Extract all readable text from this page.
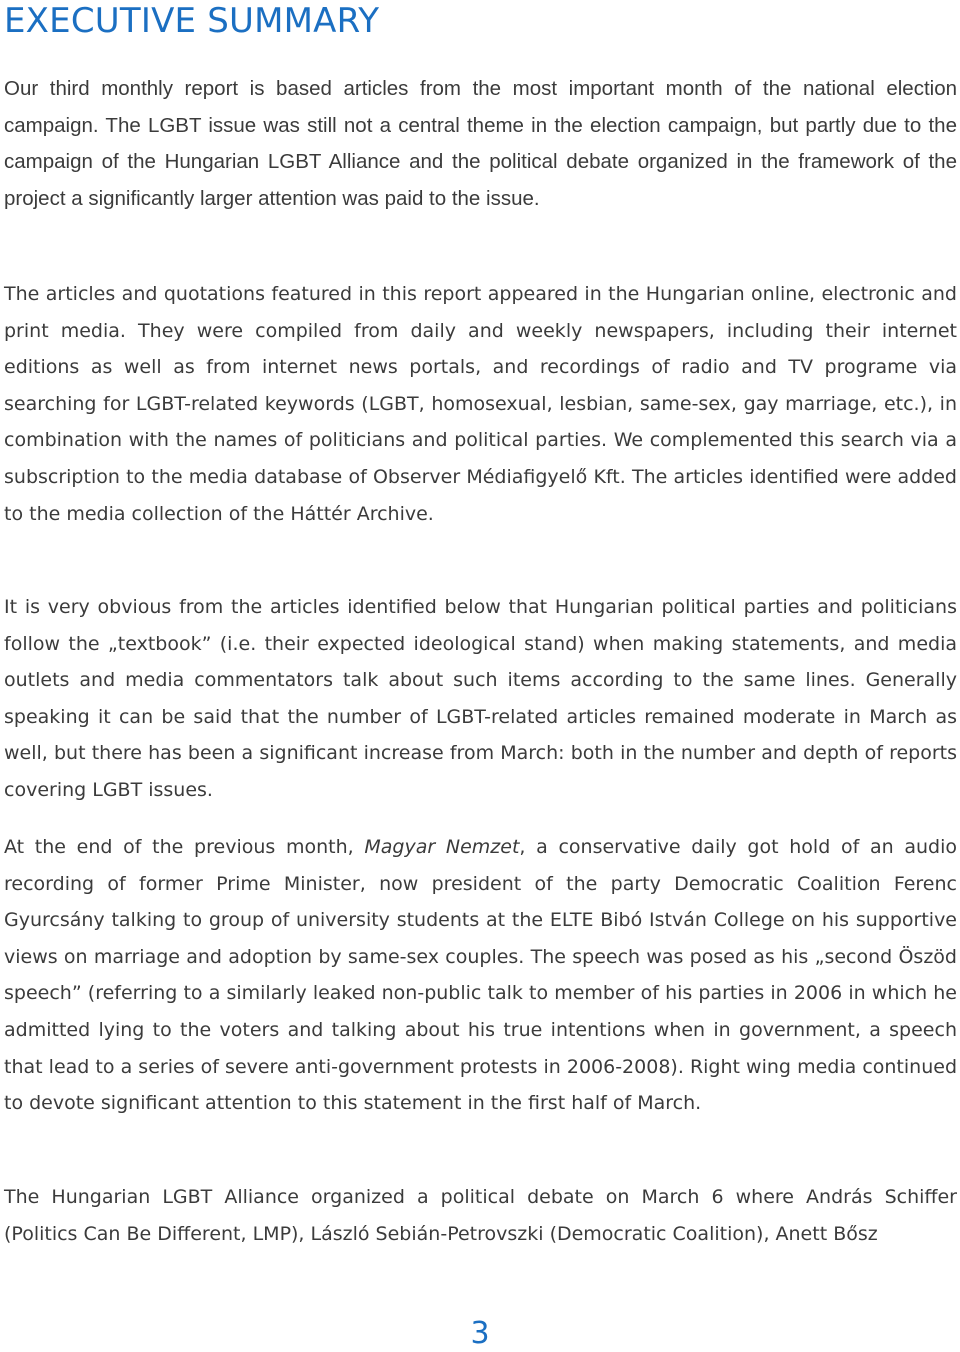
EXECUTIVE SUMMARY

Our third monthly report is based articles from the most important month of the national election campaign. The LGBT issue was still not a central theme in the election campaign, but partly due to the campaign of the Hungarian LGBT Alliance and the political debate organized in the framework of the project a significantly larger attention was paid to the issue.

The articles and quotations featured in this report appeared in the Hungarian online, electronic and print media. They were compiled from daily and weekly newspapers, including their internet editions as well as from internet news portals, and recordings of radio and TV programe via searching for LGBT-related keywords (LGBT, homosexual, lesbian, same-sex, gay marriage, etc.), in combination with the names of politicians and political parties. We complemented this search via a subscription to the media database of Observer Médiafigyelő Kft. The articles identified were added to the media collection of the Háttér Archive.

It is very obvious from the articles identified below that Hungarian political parties and politicians follow the „textbook” (i.e. their expected ideological stand) when making statements, and media outlets and media commentators talk about such items according to the same lines. Generally speaking it can be said that the number of LGBT-related articles remained moderate in March as well, but there has been a significant increase from March: both in the number and depth of reports covering LGBT issues.

At the end of the previous month, Magyar Nemzet, a conservative daily got hold of an audio recording of former Prime Minister, now president of the party Democratic Coalition Ferenc Gyurcsány talking to group of university students at the ELTE Bibó István College on his supportive views on marriage and adoption by same-sex couples. The speech was posed as his „second Öszöd speech” (referring to a similarly leaked non-public talk to member of his parties in 2006 in which he admitted lying to the voters and talking about his true intentions when in government, a speech that lead to a series of severe anti-government protests in 2006-2008). Right wing media continued to devote significant attention to this statement in the first half of March.

The Hungarian LGBT Alliance organized a political debate on March 6 where András Schiffer (Politics Can Be Different, LMP), László Sebián-Petrovszki (Democratic Coalition), Anett Bősz

3
